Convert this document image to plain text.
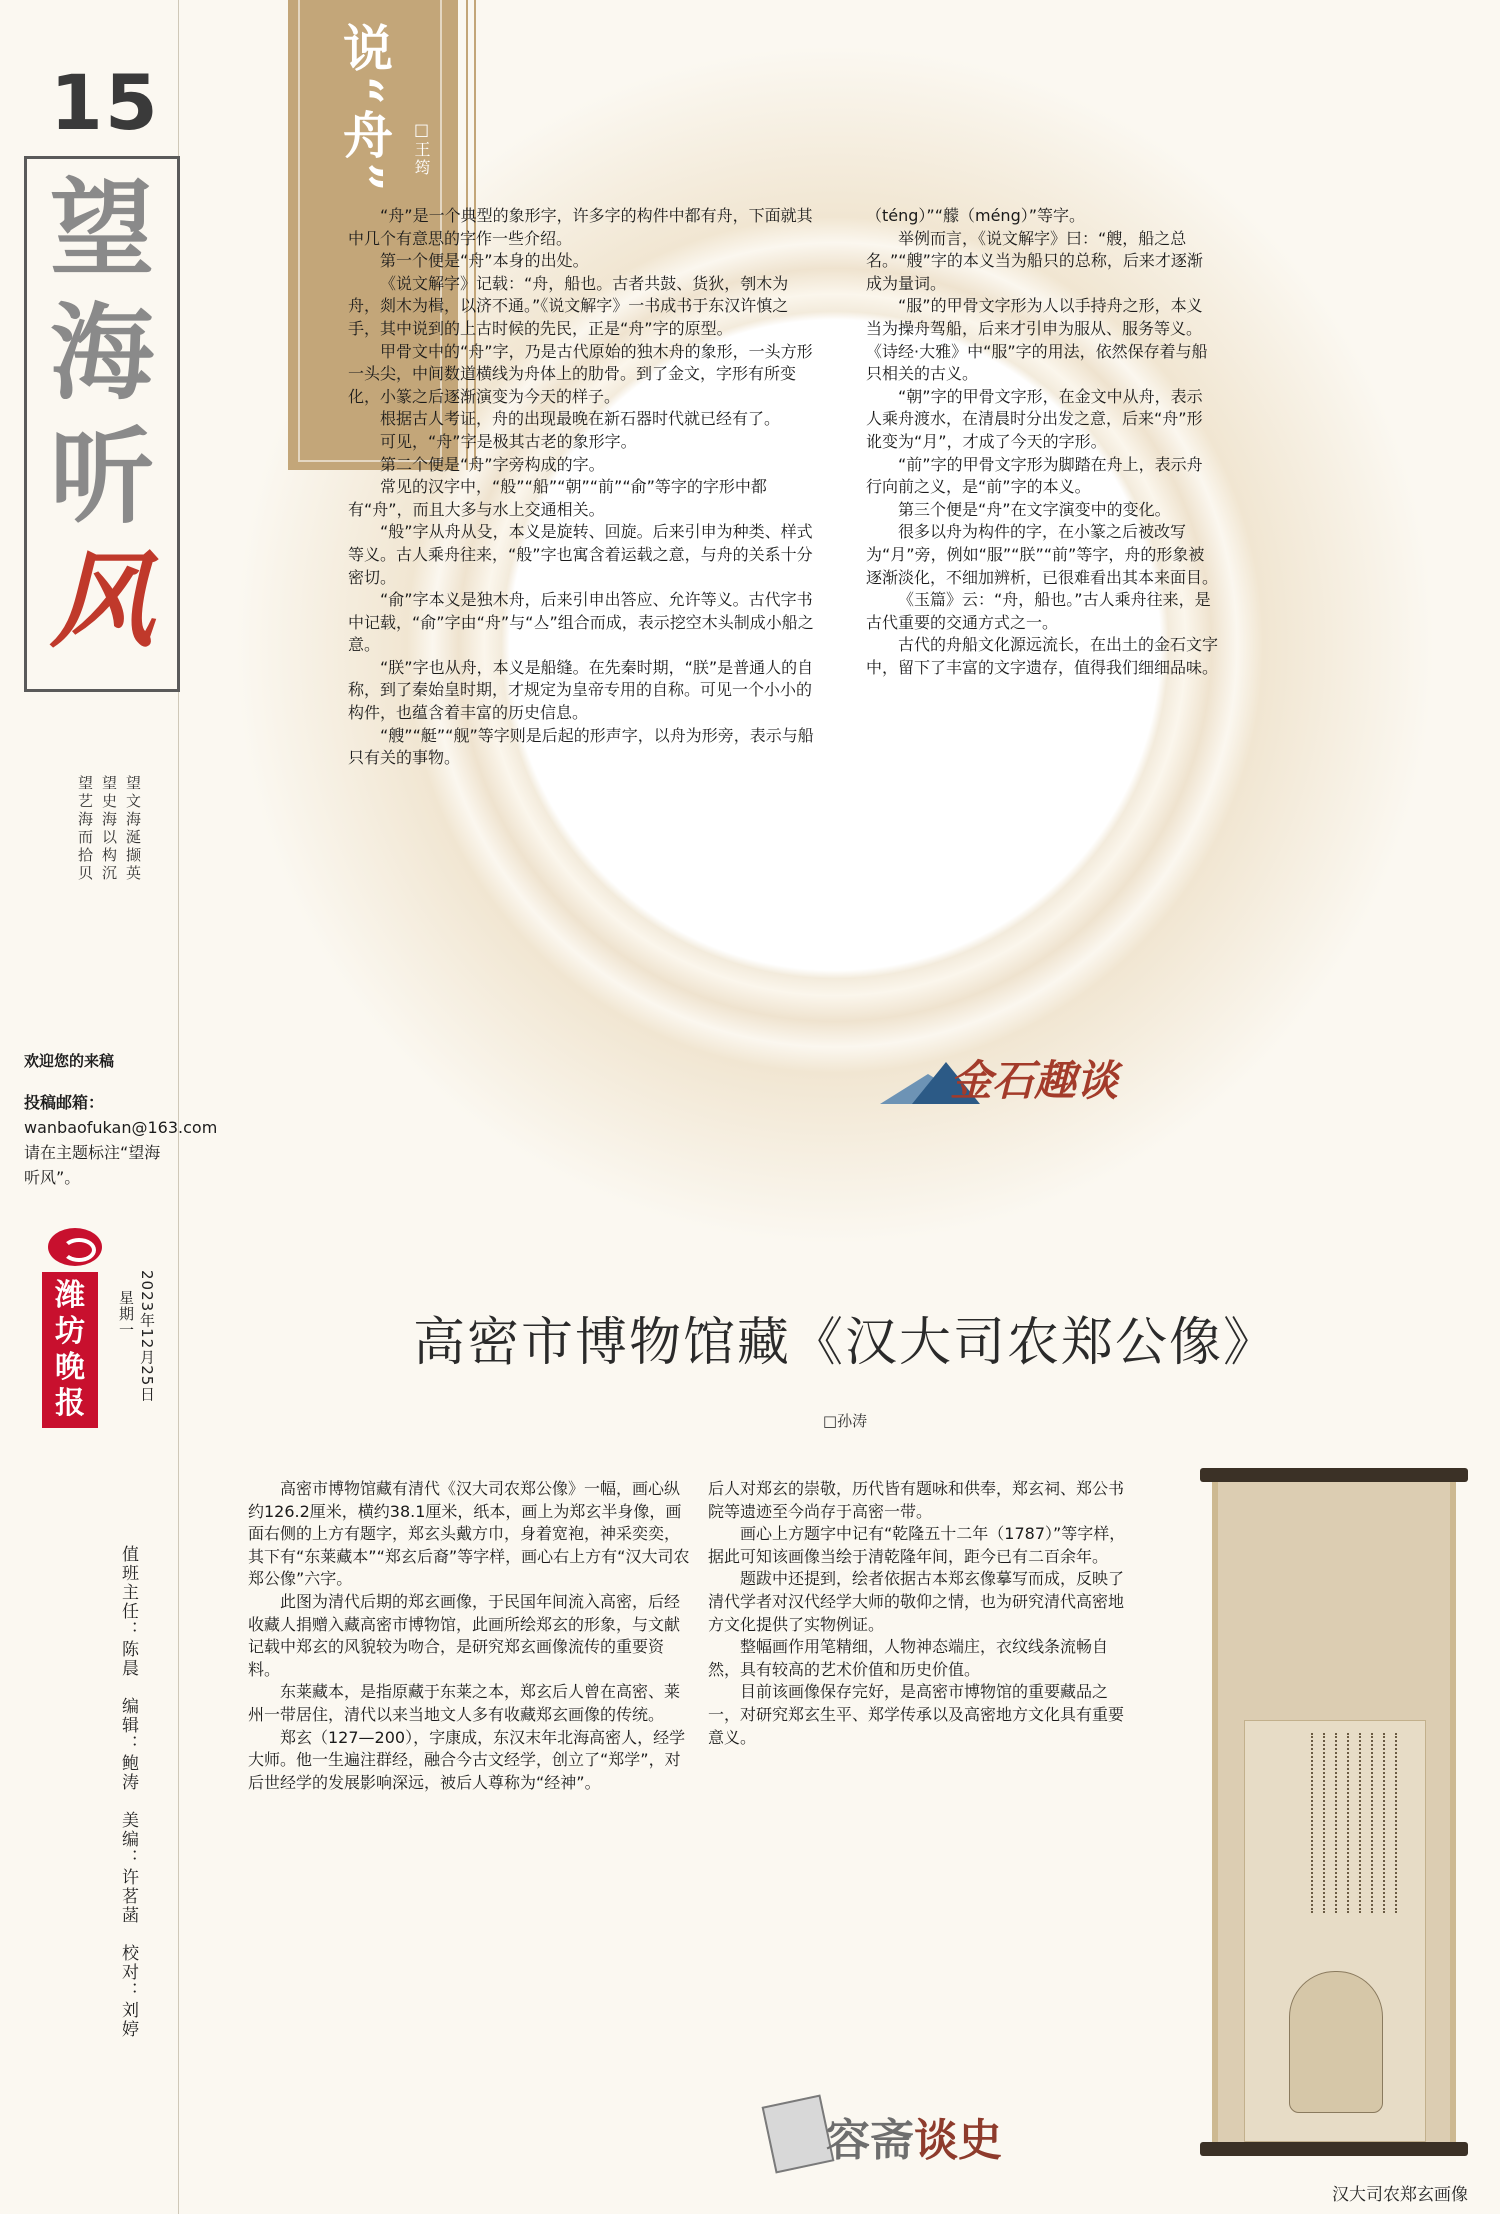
15
望
海
听
风
望文海涎撷英
望史海以构沉
望艺海而拾贝
欢迎您的来稿
投稿邮箱：
wanbaofukan@163.com
请在主题标注“望海听风”。
潍坊晚报
2023年12月25日
星期一
值班主任：陈晨　编辑：鲍涛　美编：许茗菡　校对：刘婷
说“舟”	□王筠

“舟”是一个典型的象形字，许多字的构件中都有舟，下面就其中几个有意思的字作一些介绍。

第一个便是“舟”本身的出处。

《说文解字》记载：“舟，船也。古者共鼓、货狄，刳木为舟，剡木为楫，以济不通。”《说文解字》一书成书于东汉许慎之手，其中说到的上古时候的先民，正是“舟”字的原型。

甲骨文中的“舟”字，乃是古代原始的独木舟的象形，一头方形一头尖，中间数道横线为舟体上的肋骨。到了金文，字形有所变化，小篆之后逐渐演变为今天的样子。

根据古人考证，舟的出现最晚在新石器时代就已经有了。

可见，“舟”字是极其古老的象形字。

第二个便是“舟”字旁构成的字。

常见的汉字中，“般”“船”“朝”“前”“俞”等字的字形中都有“舟”，而且大多与水上交通相关。

“般”字从舟从殳，本义是旋转、回旋。后来引申为种类、样式等义。古人乘舟往来，“般”字也寓含着运载之意，与舟的关系十分密切。

“俞”字本义是独木舟，后来引申出答应、允许等义。古代字书中记载，“俞”字由“舟”与“亼”组合而成，表示挖空木头制成小船之意。

“朕”字也从舟，本义是船缝。在先秦时期，“朕”是普通人的自称，到了秦始皇时期，才规定为皇帝专用的自称。可见一个小小的构件，也蕴含着丰富的历史信息。

“艘”“艇”“舰”等字则是后起的形声字，以舟为形旁，表示与船只有关的事物。

（téng）”“艨（méng）”等字。

举例而言，《说文解字》曰：“艘，船之总名。”“艘”字的本义当为船只的总称，后来才逐渐成为量词。

“服”的甲骨文字形为人以手持舟之形，本义当为操舟驾船，后来才引申为服从、服务等义。《诗经·大雅》中“服”字的用法，依然保存着与船只相关的古义。

“朝”字的甲骨文字形，在金文中从舟，表示人乘舟渡水，在清晨时分出发之意，后来“舟”形讹变为“月”，才成了今天的字形。

“前”字的甲骨文字形为脚踏在舟上，表示舟行向前之义，是“前”字的本义。

第三个便是“舟”在文字演变中的变化。

很多以舟为构件的字，在小篆之后被改写为“月”旁，例如“服”“朕”“前”等字，舟的形象被逐渐淡化，不细加辨析，已很难看出其本来面目。

《玉篇》云：“舟，船也。”古人乘舟往来，是古代重要的交通方式之一。

古代的舟船文化源远流长，在出土的金石文字中，留下了丰富的文字遗存，值得我们细细品味。

金石趣谈
高密市博物馆藏《汉大司农郑公像》
□孙涛

高密市博物馆藏有清代《汉大司农郑公像》一幅，画心纵约126.2厘米，横约38.1厘米，纸本，画上为郑玄半身像，画面右侧的上方有题字，郑玄头戴方巾，身着宽袍，神采奕奕，其下有“东莱藏本”“郑玄后裔”等字样，画心右上方有“汉大司农郑公像”六字。

此图为清代后期的郑玄画像，于民国年间流入高密，后经收藏人捐赠入藏高密市博物馆，此画所绘郑玄的形象，与文献记载中郑玄的风貌较为吻合，是研究郑玄画像流传的重要资料。

东莱藏本，是指原藏于东莱之本，郑玄后人曾在高密、莱州一带居住，清代以来当地文人多有收藏郑玄画像的传统。

郑玄（127—200），字康成，东汉末年北海高密人，经学大师。他一生遍注群经，融合今古文经学，创立了“郑学”，对后世经学的发展影响深远，被后人尊称为“经神”。

后人对郑玄的崇敬，历代皆有题咏和供奉，郑玄祠、郑公书院等遗迹至今尚存于高密一带。

画心上方题字中记有“乾隆五十二年（1787）”等字样，据此可知该画像当绘于清乾隆年间，距今已有二百余年。

题跋中还提到，绘者依据古本郑玄像摹写而成，反映了清代学者对汉代经学大师的敬仰之情，也为研究清代高密地方文化提供了实物例证。

整幅画作用笔精细，人物神态端庄，衣纹线条流畅自然，具有较高的艺术价值和历史价值。

目前该画像保存完好，是高密市博物馆的重要藏品之一，对研究郑玄生平、郑学传承以及高密地方文化具有重要意义。

容斋谈史
汉大司农郑玄画像
